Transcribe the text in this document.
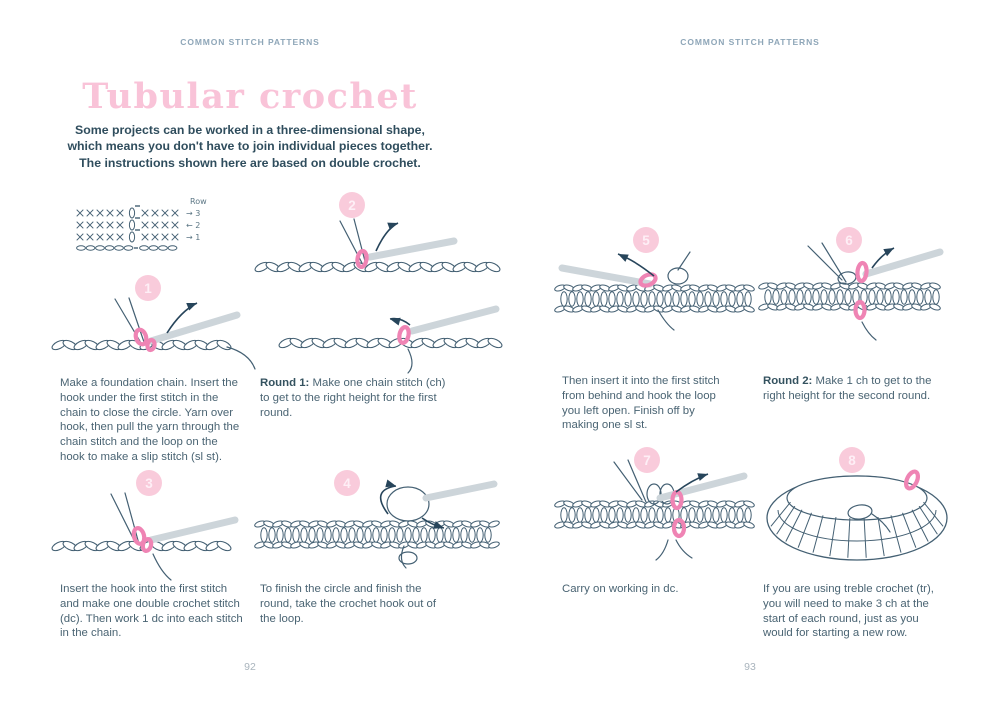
COMMON STITCH PATTERNS

Tubular crochet

Some projects can be worked in a three-dimensional shape,
which means you don't have to join individual pieces together.
The instructions shown here are based on double crochet.

Row
→ 3
← 2
→ 1
1

Make a foundation chain. Insert the hook under the first stitch in the chain to close the circle. Yarn over hook, then pull the yarn through the chain stitch and the loop on the hook to make a slip stitch (sl st).

2

Round 1: Make one chain stitch (ch) to get to the right height for the first round.

3

Insert the hook into the first stitch and make one double crochet stitch (dc). Then work 1 dc into each stitch in the chain.

4

To finish the circle and finish the round, take the crochet hook out of the loop.

92

COMMON STITCH PATTERNS

5

Then insert it into the first stitch from behind and hook the loop you left open. Finish off by making one sl st.

6

Round 2: Make 1 ch to get to the right height for the second round.

7

Carry on working in dc.

8

If you are using treble crochet (tr), you will need to make 3 ch at the start of each round, just as you would for starting a new row.

93
